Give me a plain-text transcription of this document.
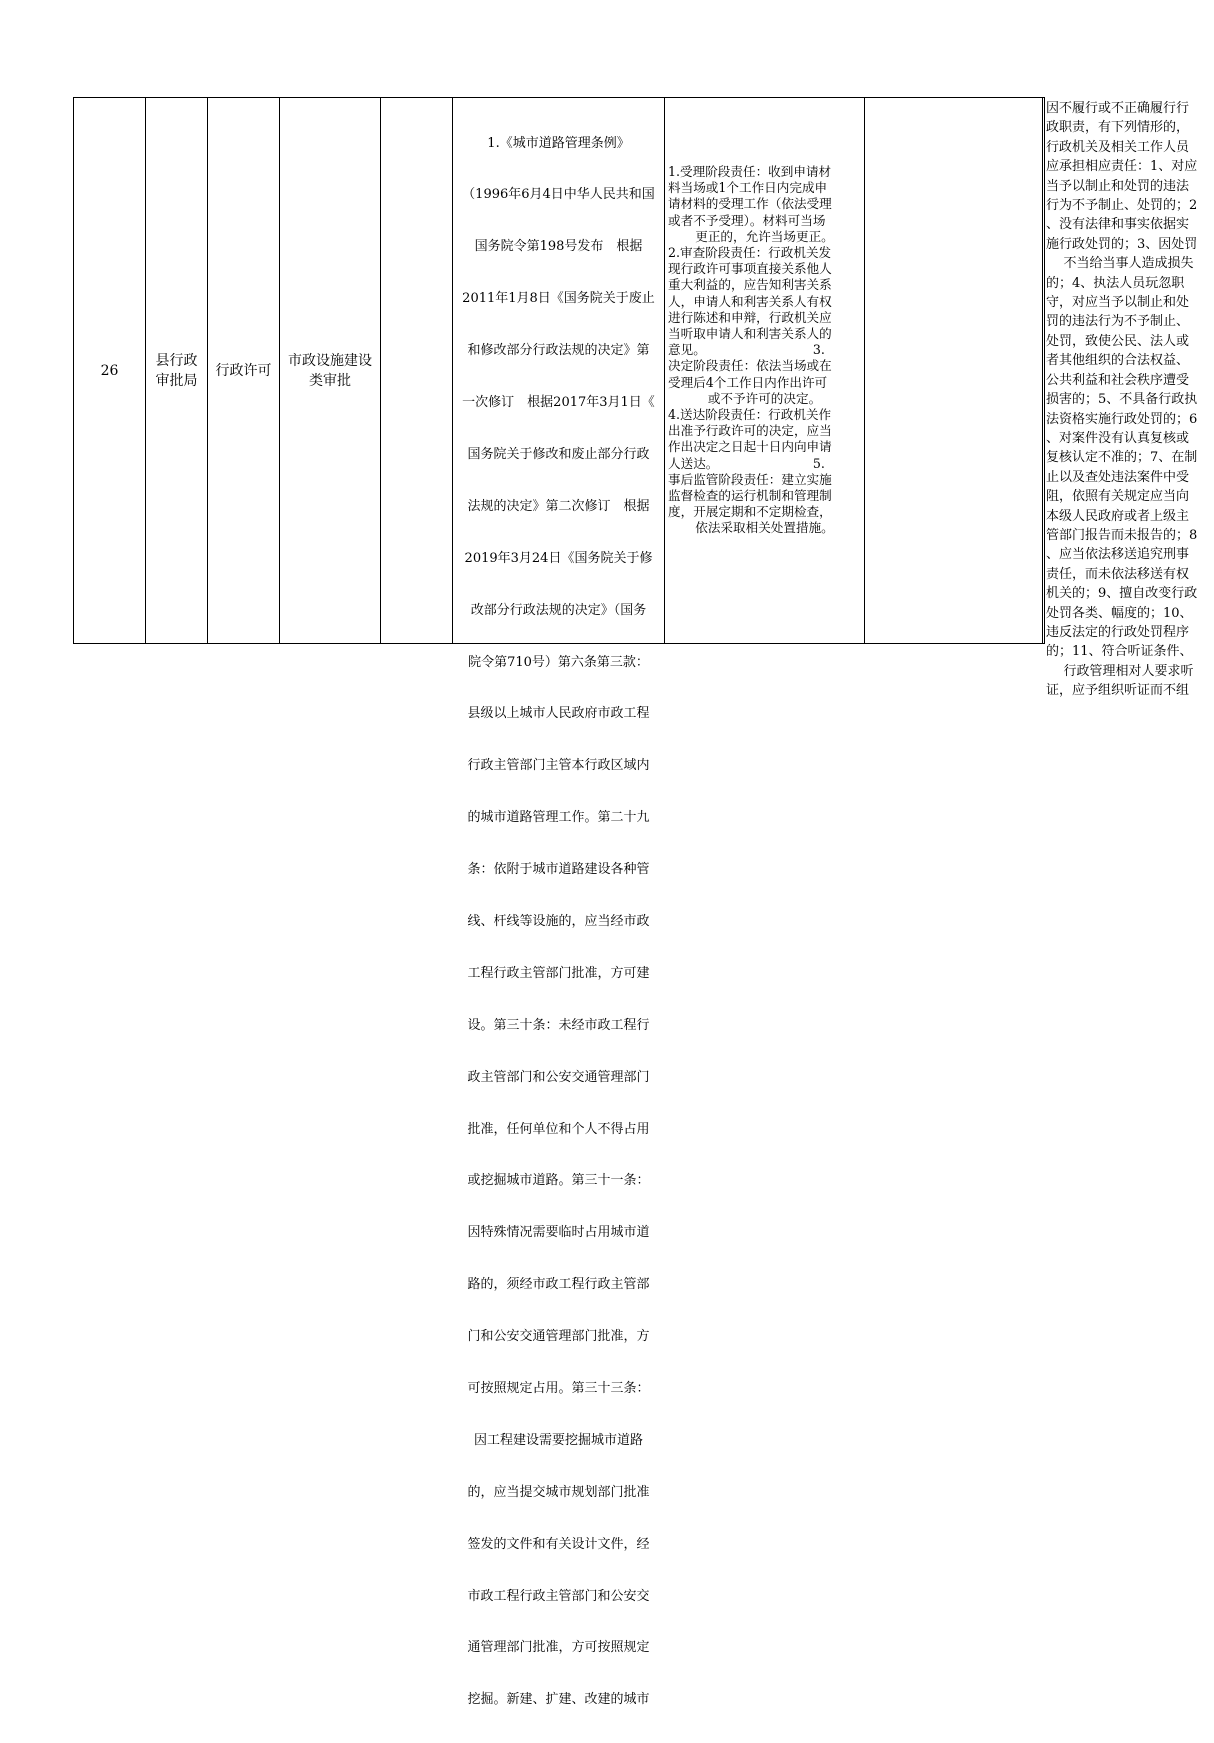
26
县行政
审批局
行政许可
市政设施建设
类审批

1.《城市道路管理条例》

（1996年6月4日中华人民共和国

国务院令第198号发布　根据

2011年1月8日《国务院关于废止

和修改部分行政法规的决定》第

一次修订　根据2017年3月1日《

国务院关于修改和废止部分行政

法规的决定》第二次修订　根据

2019年3月24日《国务院关于修

改部分行政法规的决定》（国务

院令第710号）第六条第三款：

县级以上城市人民政府市政工程

行政主管部门主管本行政区域内

的城市道路管理工作。第二十九

条：依附于城市道路建设各种管

线、杆线等设施的，应当经市政

工程行政主管部门批准，方可建

设。第三十条：未经市政工程行

政主管部门和公安交通管理部门

批准，任何单位和个人不得占用

或挖掘城市道路。第三十一条：

因特殊情况需要临时占用城市道

路的，须经市政工程行政主管部

门和公安交通管理部门批准，方

可按照规定占用。第三十三条：

因工程建设需要挖掘城市道路

的，应当提交城市规划部门批准

签发的文件和有关设计文件，经

市政工程行政主管部门和公安交

通管理部门批准，方可按照规定

挖掘。新建、扩建、改建的城市

1.受理阶段责任：收到申请材
料当场或1个工作日内完成申
请材料的受理工作（依法受理
或者不予受理）。材料可当场
更正的，允许当场更正。
2.审查阶段责任：行政机关发
现行政许可事项直接关系他人
重大利益的，应告知利害关系
人，申请人和利害关系人有权
进行陈述和申辩，行政机关应
当听取申请人和利害关系人的
意见。　　　　　　　　　3.
决定阶段责任：依法当场或在
受理后4个工作日内作出许可
或不予许可的决定。
4.送达阶段责任：行政机关作
出准予行政许可的决定，应当
作出决定之日起十日内向申请
人送达。　　　　　　　　5.
事后监管阶段责任：建立实施
监督检查的运行机制和管理制
度，开展定期和不定期检查，
依法采取相关处置措施。
因不履行或不正确履行行
政职责，有下列情形的，
行政机关及相关工作人员
应承担相应责任：1、对应
当予以制止和处罚的违法
行为不予制止、处罚的；2
、没有法律和事实依据实
施行政处罚的；3、因处罚
不当给当事人造成损失
的；4、执法人员玩忽职
守，对应当予以制止和处
罚的违法行为不予制止、
处罚，致使公民、法人或
者其他组织的合法权益、
公共利益和社会秩序遭受
损害的；5、不具备行政执
法资格实施行政处罚的；6
、对案件没有认真复核或
复核认定不准的；7、在制
止以及查处违法案件中受
阻，依照有关规定应当向
本级人民政府或者上级主
管部门报告而未报告的；8
、应当依法移送追究刑事
责任，而未依法移送有权
机关的；9、擅自改变行政
处罚各类、幅度的；10、
违反法定的行政处罚程序
的；11、符合听证条件、
行政管理相对人要求听
证，应予组织听证而不组
